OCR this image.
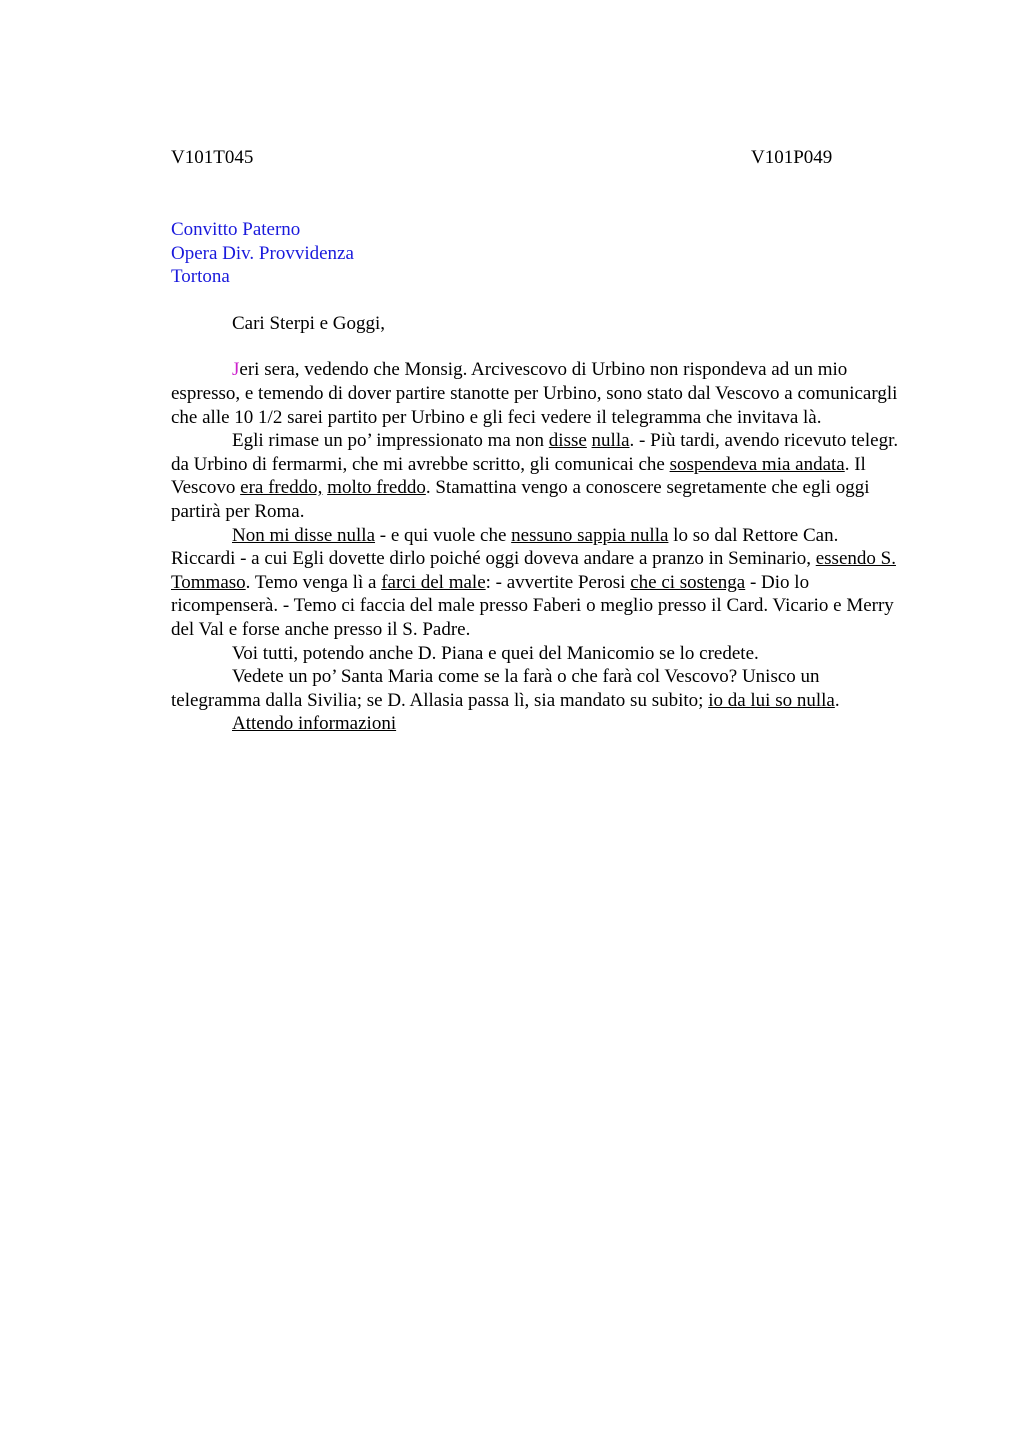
V101T045	V101P049
Convitto Paterno
Opera Div. Provvidenza
Tortona
Cari Sterpi e Goggi,

Jeri sera, vedendo che Monsig. Arcivescovo di Urbino non rispondeva ad un mio espresso, e temendo di dover partire stanotte per Urbino, sono stato dal Vescovo a comunicargli che alle 10 1/2 sarei partito per Urbino e gli feci vedere il telegramma che invitava là.

Egli rimase un po’ impressionato ma non disse nulla. - Più tardi, avendo ricevuto telegr. da Urbino di fermarmi, che mi avrebbe scritto, gli comunicai che sospendeva mia andata. Il Vescovo era freddo, molto freddo. Stamattina vengo a conoscere segretamente che egli oggi partirà per Roma.

Non mi disse nulla - e qui vuole che nessuno sappia nulla lo so dal Rettore Can. Riccardi - a cui Egli dovette dirlo poiché oggi doveva andare a pranzo in Seminario, essendo S. Tommaso. Temo venga lì a farci del male: - avvertite Perosi che ci sostenga - Dio lo ricompenserà. - Temo ci faccia del male presso Faberi o meglio presso il Card. Vicario e Merry del Val e forse anche presso il S. Padre.

Voi tutti, potendo anche D. Piana e quei del Manicomio se lo credete.

Vedete un po’ Santa Maria come se la farà o che farà col Vescovo? Unisco un telegramma dalla Sivilia; se D. Allasia passa lì, sia mandato su subito; io da lui so nulla.

Attendo informazioni
